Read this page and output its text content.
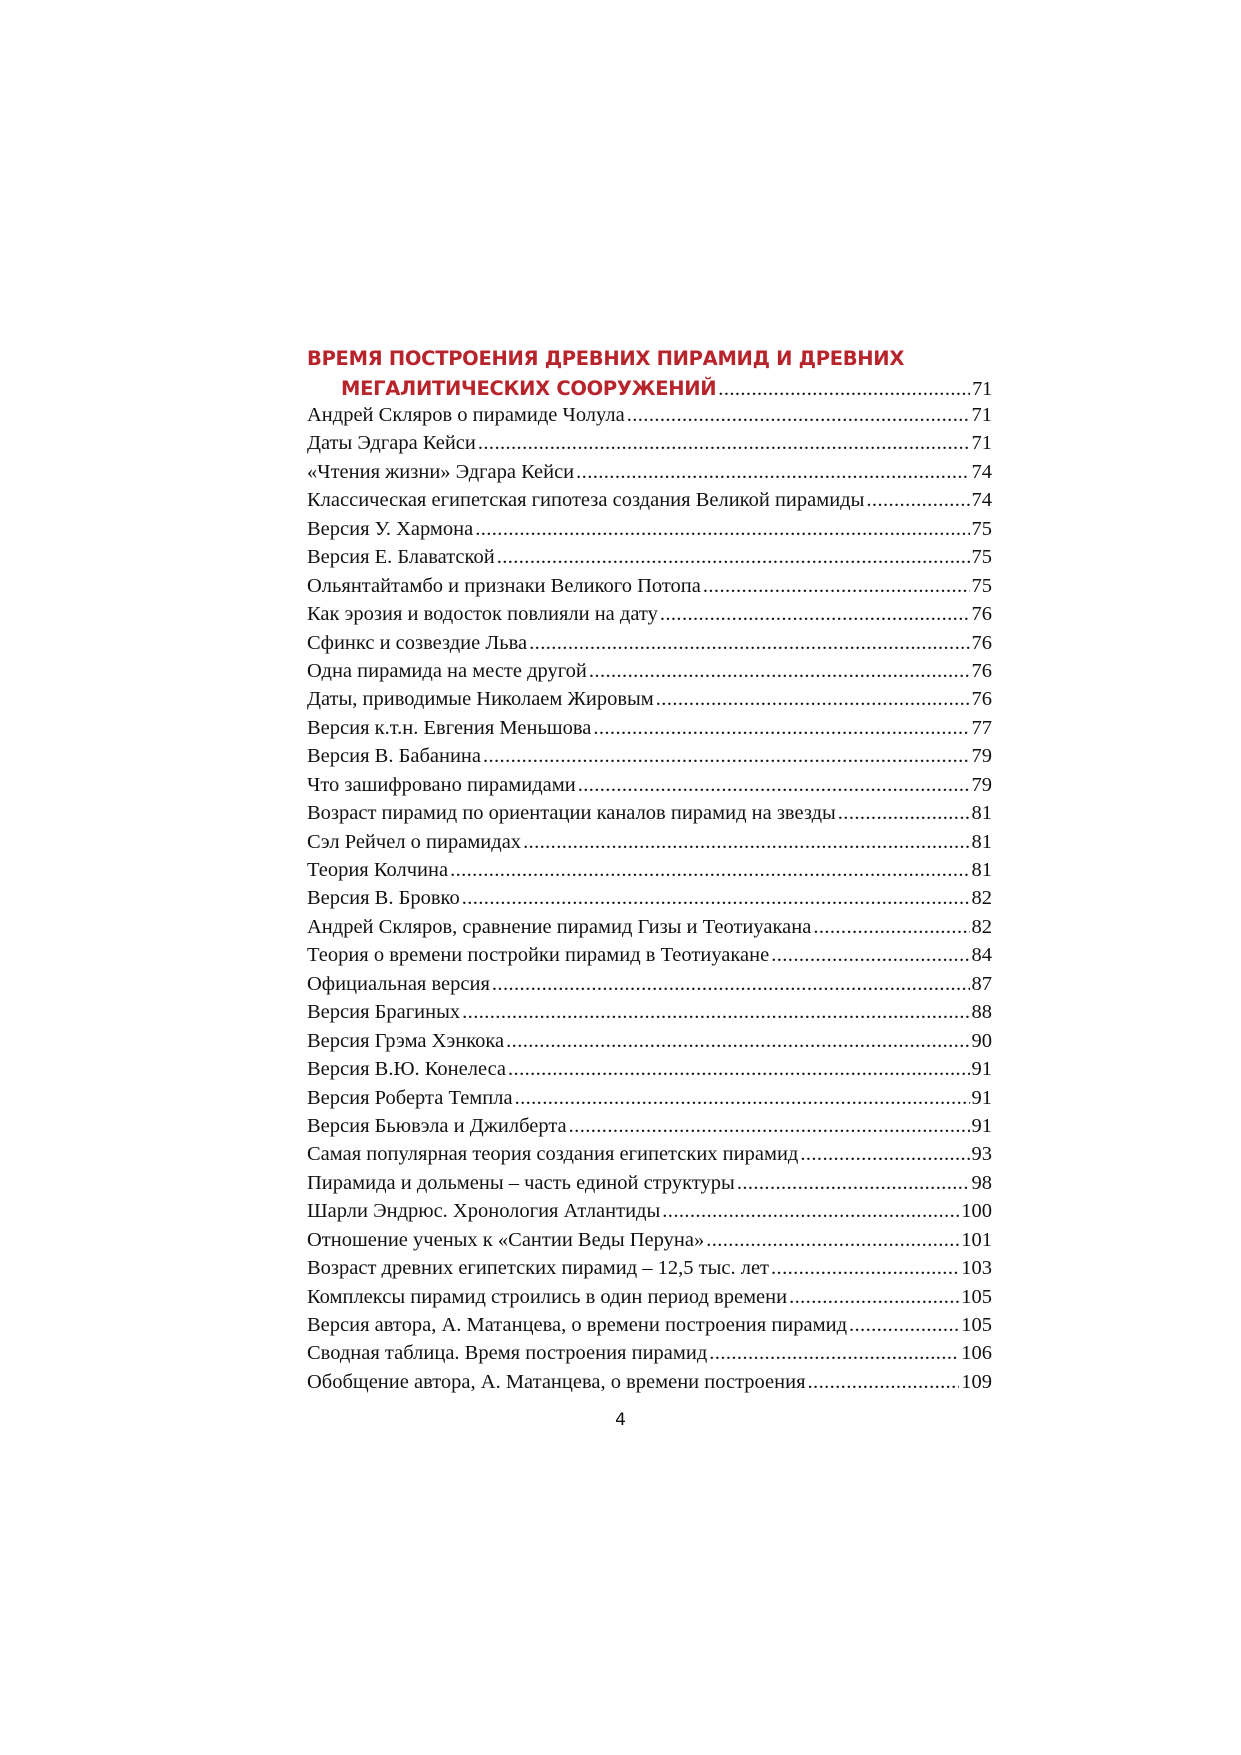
ВРЕМЯ ПОСТРОЕНИЯ ДРЕВНИХ ПИРАМИД И ДРЕВНИХ
МЕГАЛИТИЧЕСКИХ СООРУЖЕНИЙ .....	71
Андрей Скляров о пирамиде Чолула .....	71
Даты Эдгара Кейси .....	71
«Чтения жизни» Эдгара Кейси .....	74
Классическая египетская гипотеза создания Великой пирамиды .....	74
Версия У. Хармона .....	75
Версия Е. Блаватской .....	75
Ольянтайтамбо и признаки Великого Потопа .....	75
Как эрозия и водосток повлияли на дату .....	76
Сфинкс и созвездие Льва .....	76
Одна пирамида на месте другой .....	76
Даты, приводимые Николаем Жировым .....	76
Версия к.т.н. Евгения Меньшова .....	77
Версия В. Бабанина .....	79
Что зашифровано пирамидами .....	79
Возраст пирамид по ориентации каналов пирамид на звезды .....	81
Сэл Рейчел о пирамидах .....	81
Теория Колчина .....	81
Версия В. Бровко .....	82
Андрей Скляров, сравнение пирамид Гизы и Теотиуакана .....	82
Теория о времени постройки пирамид в Теотиуакане .....	84
Официальная версия .....	87
Версия Брагиных .....	88
Версия Грэма Хэнкока .....	90
Версия В.Ю. Конелеса .....	91
Версия Роберта Темпла .....	91
Версия Бьювэла и Джилберта .....	91
Самая популярная теория создания египетских пирамид .....	93
Пирамида и дольмены – часть единой структуры .....	98
Шарли Эндрюс. Хронология Атлантиды .....	100
Отношение ученых к «Сантии Веды Перуна» .....	101
Возраст древних египетских пирамид – 12,5 тыс. лет .....	103
Комплексы пирамид строились в один период времени .....	105
Версия автора, А. Матанцева, о времени построения пирамид .....	105
Сводная таблица. Время построения пирамид .....	106
Обобщение автора, А. Матанцева, о времени построения .....	109
4
